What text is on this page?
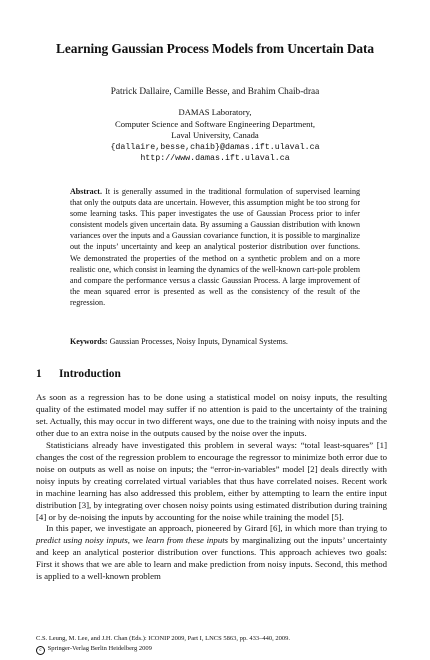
Learning Gaussian Process Models from Uncertain Data
Patrick Dallaire, Camille Besse, and Brahim Chaib-draa
DAMAS Laboratory,
Computer Science and Software Engineering Department,
Laval University, Canada
{dallaire,besse,chaib}@damas.ift.ulaval.ca
http://www.damas.ift.ulaval.ca
Abstract. It is generally assumed in the traditional formulation of supervised learning that only the outputs data are uncertain. However, this assumption might be too strong for some learning tasks. This paper investigates the use of Gaussian Process prior to infer consistent models given uncertain data. By assuming a Gaussian distribution with known variances over the inputs and a Gaussian covariance function, it is possible to marginalize out the inputs’ uncertainty and keep an analytical posterior distribution over functions. We demonstrated the properties of the method on a synthetic problem and on a more realistic one, which consist in learning the dynamics of the well-known cart-pole problem and compare the performance versus a classic Gaussian Process. A large improvement of the mean squared error is presented as well as the consistency of the result of the regression.
Keywords: Gaussian Processes, Noisy Inputs, Dynamical Systems.
1 Introduction

As soon as a regression has to be done using a statistical model on noisy inputs, the resulting quality of the estimated model may suffer if no attention is paid to the uncertainty of the training set. Actually, this may occur in two different ways, one due to the training with noisy inputs and the other due to an extra noise in the outputs caused by the noise over the inputs.

Statisticians already have investigated this problem in several ways: “total least-squares” [1] changes the cost of the regression problem to encourage the regressor to minimize both error due to noise on outputs as well as noise on inputs; the “error-in-variables” model [2] deals directly with noisy inputs by creating correlated virtual variables that thus have correlated noises. Recent work in machine learning has also addressed this problem, either by attempting to learn the entire input distribution [3], by integrating over chosen noisy points using estimated distribution during training [4] or by de-noising the inputs by accounting for the noise while training the model [5].

In this paper, we investigate an approach, pioneered by Girard [6], in which more than trying to predict using noisy inputs, we learn from these inputs by marginalizing out the inputs’ uncertainty and keep an analytical posterior distribution over functions. This approach achieves two goals: First it shows that we are able to learn and make prediction from noisy inputs. Second, this method is applied to a well-known problem

C.S. Leung, M. Lee, and J.H. Chan (Eds.): ICONIP 2009, Part I, LNCS 5863, pp. 433–440, 2009.
c Springer-Verlag Berlin Heidelberg 2009
